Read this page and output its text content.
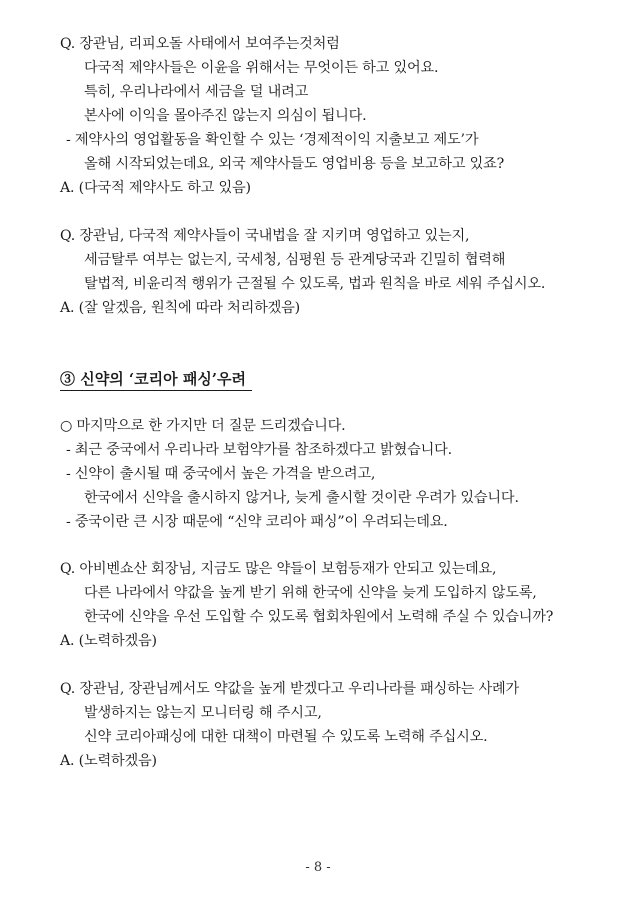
Q. 장관님, 리피오돌 사태에서 보여주는것처럼
다국적 제약사들은 이윤을 위해서는 무엇이든 하고 있어요.
특히, 우리나라에서 세금을 덜 내려고
본사에 이익을 몰아주진 않는지 의심이 됩니다.
- 제약사의 영업활동을 확인할 수 있는 ‘경제적이익 지출보고 제도’가
올해 시작되었는데요, 외국 제약사들도 영업비용 등을 보고하고 있죠?
A. (다국적 제약사도 하고 있음)
Q. 장관님, 다국적 제약사들이 국내법을 잘 지키며 영업하고 있는지,
세금탈루 여부는 없는지, 국세청, 심평원 등 관계당국과 긴밀히 협력해
탈법적, 비윤리적 행위가 근절될 수 있도록, 법과 원칙을 바로 세워 주십시오.
A. (잘 알겠음, 원칙에 따라 처리하겠음)
③ 신약의 ‘코리아 패싱’우려
○ 마지막으로 한 가지만 더 질문 드리겠습니다.
- 최근 중국에서 우리나라 보험약가를 참조하겠다고 밝혔습니다.
- 신약이 출시될 때 중국에서 높은 가격을 받으려고,
한국에서 신약을 출시하지 않거나, 늦게 출시할 것이란 우려가 있습니다.
- 중국이란 큰 시장 때문에 “신약 코리아 패싱”이 우려되는데요.
Q. 아비벤쇼산 회장님, 지금도 많은 약들이 보험등재가 안되고 있는데요,
다른 나라에서 약값을 높게 받기 위해 한국에 신약을 늦게 도입하지 않도록,
한국에 신약을 우선 도입할 수 있도록 협회차원에서 노력해 주실 수 있습니까?
A. (노력하겠음)
Q. 장관님, 장관님께서도 약값을 높게 받겠다고 우리나라를 패싱하는 사례가
발생하지는 않는지 모니터링 해 주시고,
신약 코리아패싱에 대한 대책이 마련될 수 있도록 노력해 주십시오.
A. (노력하겠음)
- 8 -
